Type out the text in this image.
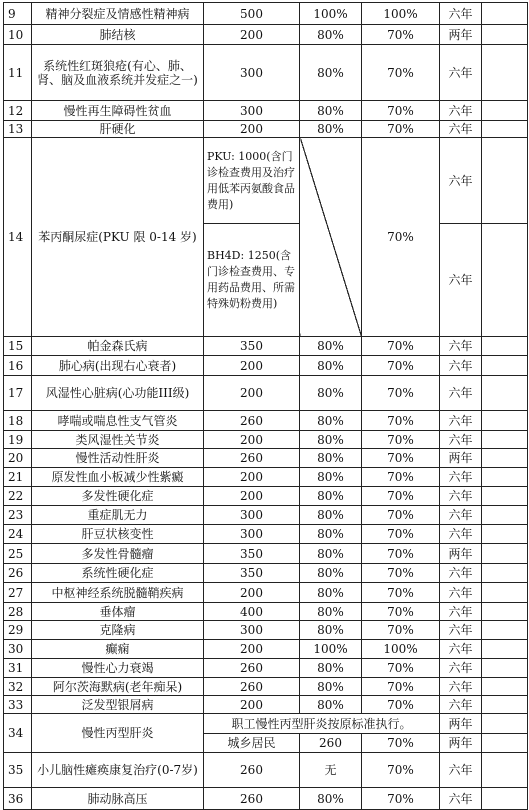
9	精神分裂症及情感性精神病	500	100%	100%	六年	
10	肺结核	200	80%	70%	两年	
11	系统性红斑狼疮(有心、肺、肾、脑及血液系统并发症之一)	300	80%	70%	六年	
12	慢性再生障碍性贫血	300	80%	70%	六年	
13	肝硬化	200	80%	70%	六年	
14	苯丙酮尿症(PKU 限 0-14 岁)	PKU: 1000(含门诊检查费用及治疗用低苯丙氨酸食品费用)		70%	六年	
		BH4D: 1250(含门诊检查费用、专用药品费用、所需特殊奶粉费用)			六年	
15	帕金森氏病	350	80%	70%	六年	
16	肺心病(出现右心衰者)	200	80%	70%	六年	
17	风湿性心脏病(心功能III级)	200	80%	70%	六年	
18	哮喘或喘息性支气管炎	260	80%	70%	六年	
19	类风湿性关节炎	200	80%	70%	六年	
20	慢性活动性肝炎	260	80%	70%	两年	
21	原发性血小板减少性紫癜	200	80%	70%	六年	
22	多发性硬化症	200	80%	70%	六年	
23	重症肌无力	300	80%	70%	六年	
24	肝豆状核变性	300	80%	70%	六年	
25	多发性骨髓瘤	350	80%	70%	两年	
26	系统性硬化症	350	80%	70%	六年	
27	中枢神经系统脱髓鞘疾病	200	80%	70%	六年	
28	垂体瘤	400	80%	70%	六年	
29	克隆病	300	80%	70%	六年	
30	癫痫	200	100%	100%	六年	
31	慢性心力衰竭	260	80%	70%	六年	
32	阿尔茨海默病(老年痴呆)	260	80%	70%	六年	
33	泛发型银屑病	200	80%	70%	六年	
34	慢性丙型肝炎	职工慢性丙型肝炎按原标准执行。			两年	
		城乡居民	260	70%	两年	
35	小儿脑性瘫痪康复治疗(0-7岁)	260	无	70%	六年	
36	肺动脉高压	260	80%	70%	六年	
